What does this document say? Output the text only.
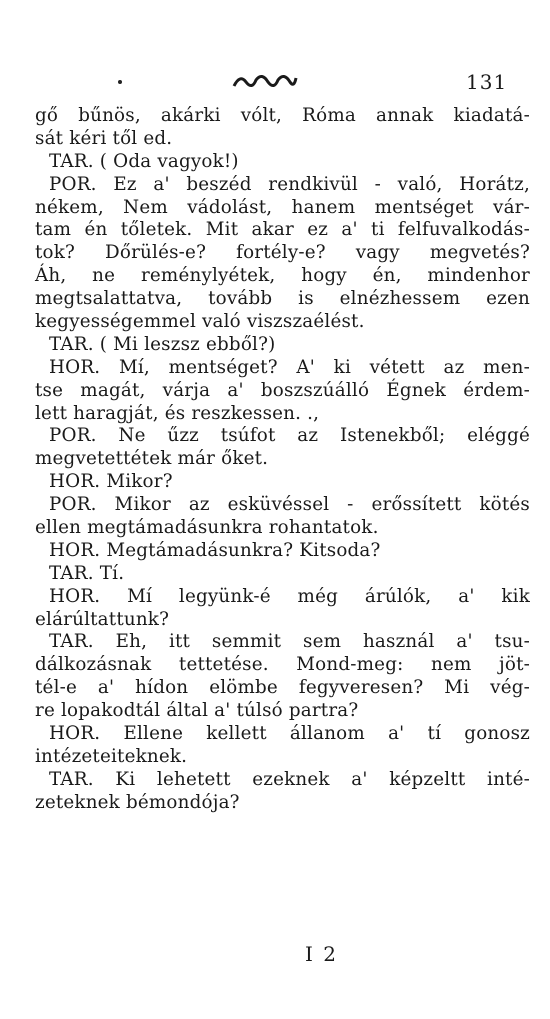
131
gő bűnös, akárki vólt, Róma annak kiadatá-
sát kéri től ed.
TAR. ( Oda vagyok!)
POR. Ez a' beszéd rendkivül - való, Horátz,
nékem, Nem vádolást, hanem mentséget vár-
tam én tőletek. Mit akar ez a' ti felfuvalkodás-
tok? Dőrülés-e? fortély-e? vagy megvetés?
Áh, ne reménylyétek, hogy én, mindenhor
megtsalattatva, tovább is elnézhessem ezen
kegyességemmel való viszszaélést.
TAR. ( Mi leszsz ebből?)
HOR. Mí, mentséget? A' ki vétett az men-
tse magát, várja a' boszszúálló Égnek érdem-
lett haragját, és reszkessen. .,
POR. Ne űzz tsúfot az Istenekből; eléggé
megvetettétek már őket.
HOR. Mikor?
POR. Mikor az esküvéssel - erőssített kötés
ellen megtámadásunkra rohantatok.
HOR. Megtámadásunkra? Kitsoda?
TAR. Tí.
HOR. Mí legyünk-é még árúlók, a' kik
elárúltattunk?
TAR. Eh, itt semmit sem használ a' tsu-
dálkozásnak tettetése. Mond-meg: nem jöt-
tél-e a' hídon elömbe fegyveresen? Mi vég-
re lopakodtál által a' túlsó partra?
HOR. Ellene kellett állanom a' tí gonosz
intézeteiteknek.
TAR. Ki lehetett ezeknek a' képzeltt inté-
zeteknek bémondója?
I 2
